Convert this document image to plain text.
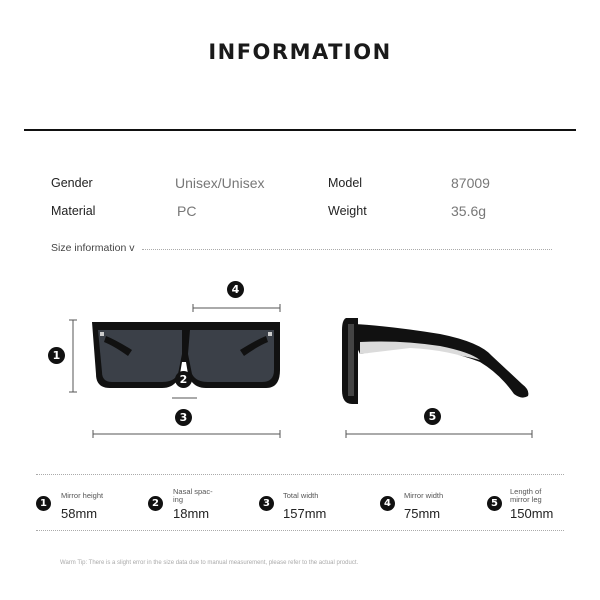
INFORMATION
Gender	Unisex/Unisex	Model	87009
Material	PC	Weight	35.6g
Size information v
1
2
3
4
5
1
Mirror height
58mm
2
Nasal spac-
ing
18mm
3
Total width
157mm
4
Mirror width
75mm
5
Length of
mirror leg
150mm
Warm Tip: There is a slight error in the size data due to manual measurement, please refer to the actual product.
